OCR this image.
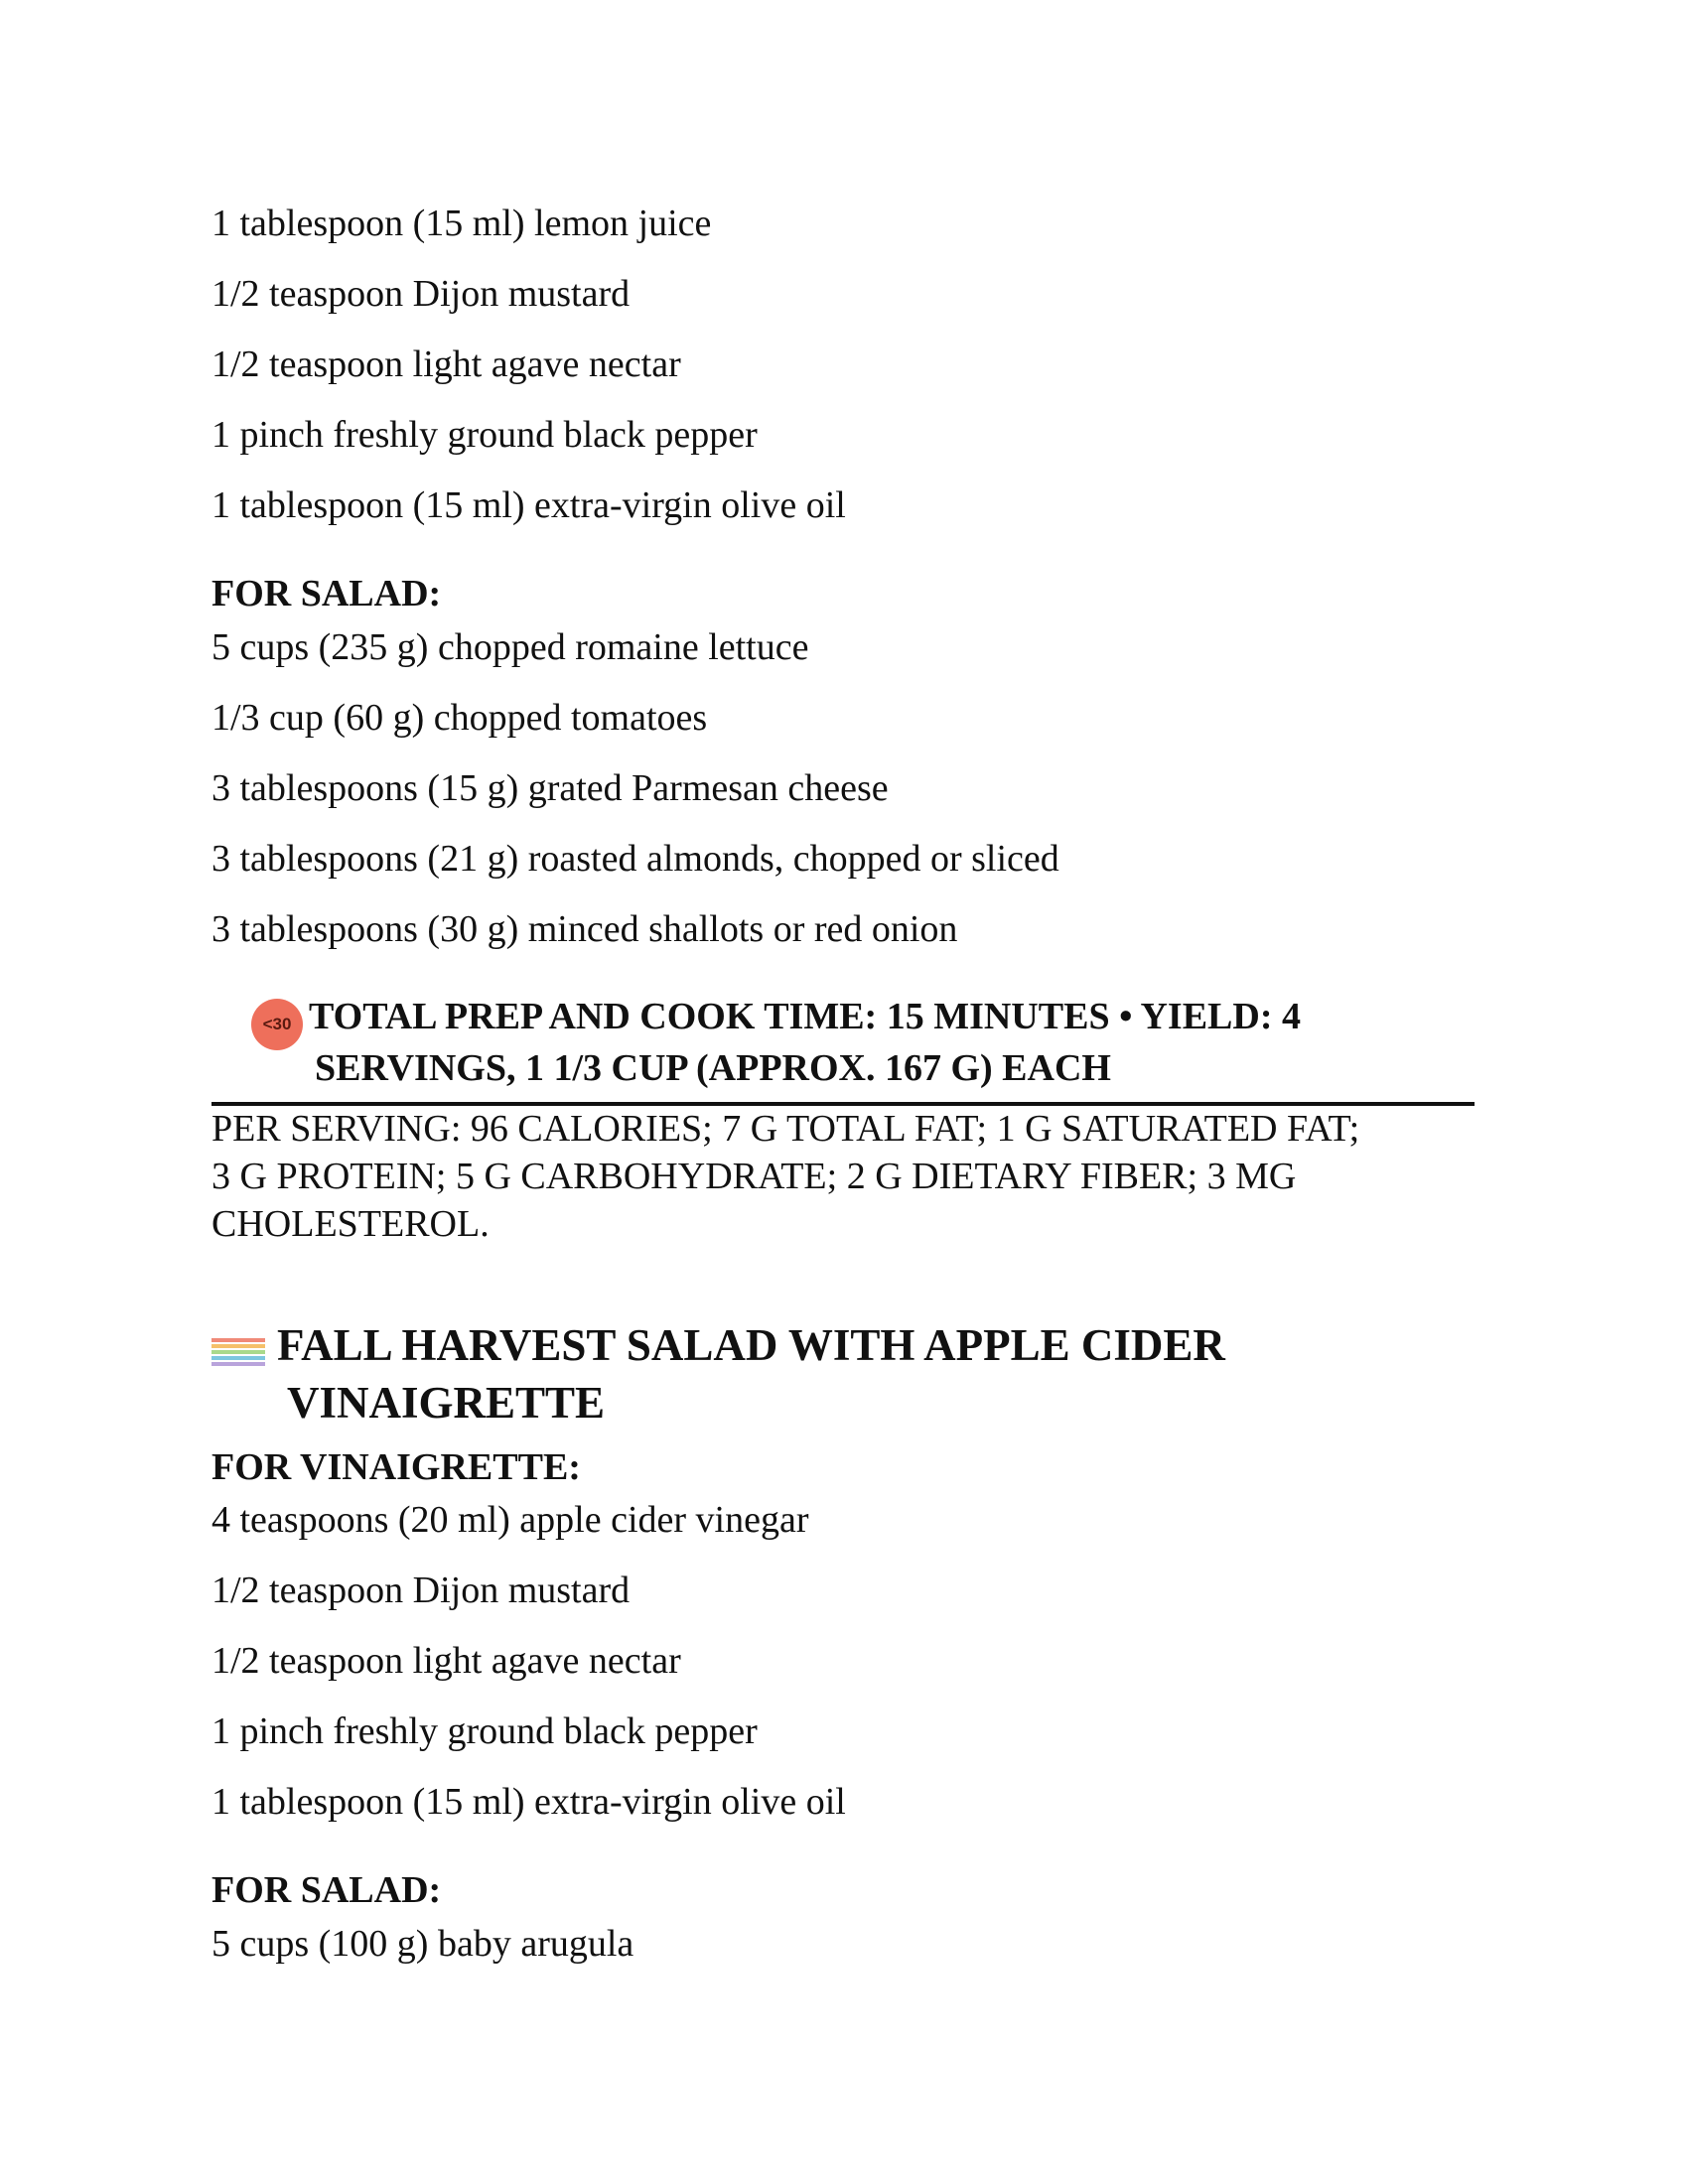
1 tablespoon (15 ml) lemon juice
1/2 teaspoon Dijon mustard
1/2 teaspoon light agave nectar
1 pinch freshly ground black pepper
1 tablespoon (15 ml) extra-virgin olive oil
FOR SALAD:
5 cups (235 g) chopped romaine lettuce
1/3 cup (60 g) chopped tomatoes
3 tablespoons (15 g) grated Parmesan cheese
3 tablespoons (21 g) roasted almonds, chopped or sliced
3 tablespoons (30 g) minced shallots or red onion
<30 TOTAL PREP AND COOK TIME: 15 MINUTES • YIELD: 4
SERVINGS, 1 1/3 CUP (APPROX. 167 G) EACH
PER SERVING: 96 CALORIES; 7 G TOTAL FAT; 1 G SATURATED FAT;
3 G PROTEIN; 5 G CARBOHYDRATE; 2 G DIETARY FIBER; 3 MG
CHOLESTEROL.
FALL HARVEST SALAD WITH APPLE CIDER
VINAIGRETTE
FOR VINAIGRETTE:
4 teaspoons (20 ml) apple cider vinegar
1/2 teaspoon Dijon mustard
1/2 teaspoon light agave nectar
1 pinch freshly ground black pepper
1 tablespoon (15 ml) extra-virgin olive oil
FOR SALAD:
5 cups (100 g) baby arugula
